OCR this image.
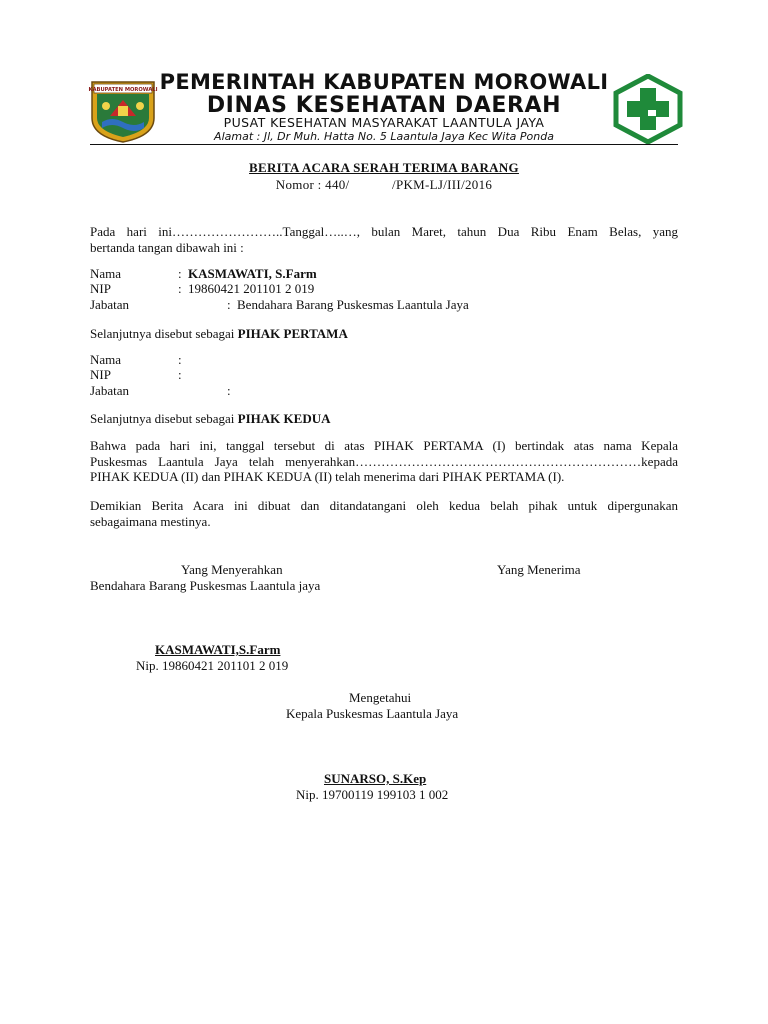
KABUPATEN MOROWALI PEMERINTAH KABUPATEN MOROWALI
DINAS KESEHATAN DAERAH
PUSAT KESEHATAN MASYARAKAT LAANTULA JAYA
Alamat : Jl, Dr Muh. Hatta No. 5 Laantula Jaya Kec Wita Ponda
BERITA ACARA SERAH TERIMA BARANG
Nomor : 440/            /PKM-LJ/III/2016
Pada hari ini……………………..Tanggal…..…, bulan Maret, tahun Dua Ribu Enam Belas, yang
bertanda tangan dibawah ini :
Nama	: KASMAWATI, S.Farm
NIP	: 19860421 201101 2 019
Jabatan	: Bendahara Barang Puskesmas Laantula Jaya
Selanjutnya disebut sebagai PIHAK PERTAMA
Nama	:
NIP	:
Jabatan	:
Selanjutnya disebut sebagai PIHAK KEDUA
Bahwa pada hari ini, tanggal tersebut di atas PIHAK PERTAMA (I) bertindak atas nama Kepala
Puskesmas Laantula Jaya telah menyerahkan…………………………………………………………kepada
PIHAK KEDUA (II) dan PIHAK KEDUA (II) telah menerima dari PIHAK PERTAMA (I).
Demikian Berita Acara ini dibuat dan ditandatangani oleh kedua belah pihak untuk dipergunakan
sebagaimana mestinya.
Yang Menyerahkan	Yang Menerima
Bendahara Barang Puskesmas Laantula jaya
KASMAWATI,S.Farm
Nip. 19860421 201101 2 019
Mengetahui
Kepala Puskesmas Laantula Jaya
SUNARSO, S.Kep
Nip. 19700119 199103 1 002
